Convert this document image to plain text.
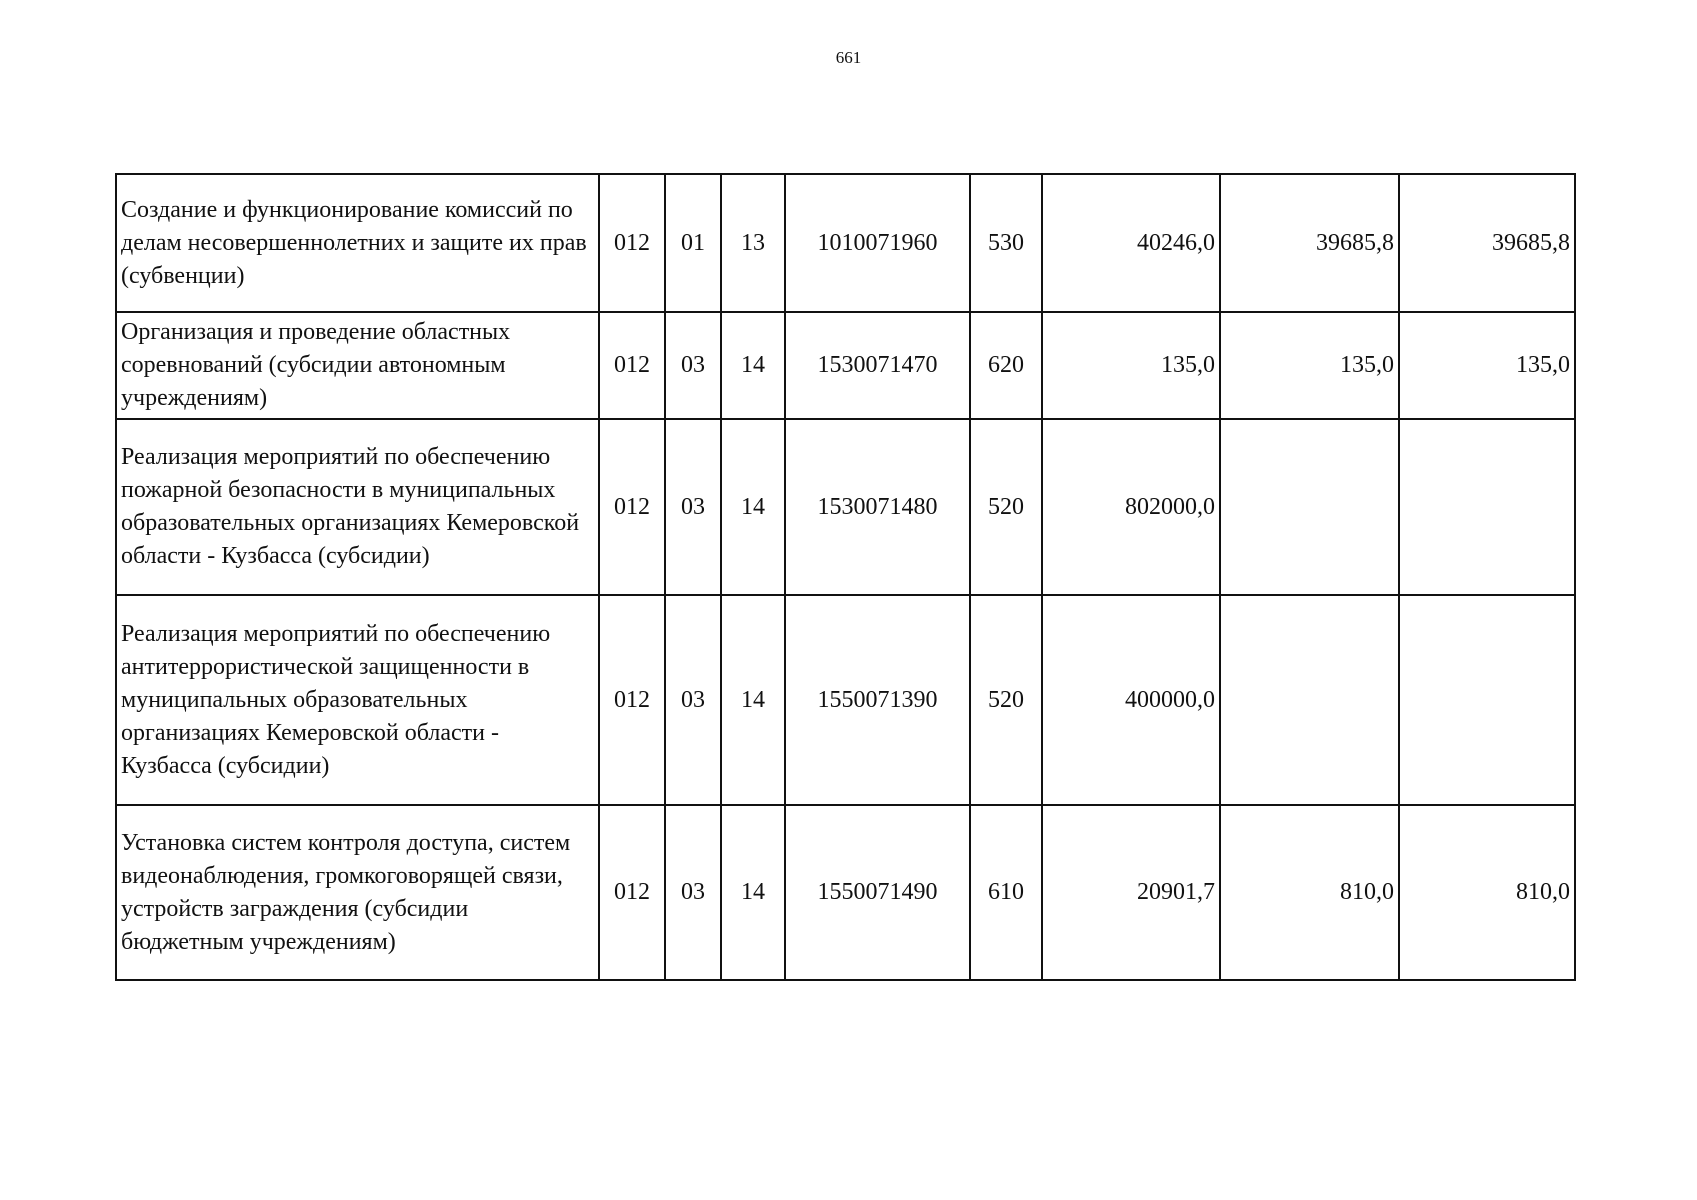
661
Создание и функционирование комиссий по делам несовершеннолетних и защите их прав (субвенции)	012	01	13	1010071960	530	40246,0	39685,8	39685,8
Организация и проведение областных соревнований (субсидии автономным учреждениям)	012	03	14	1530071470	620	135,0	135,0	135,0
Реализация мероприятий по обеспечению пожарной безопасности в муниципальных образовательных организациях Кемеровской области - Кузбасса (субсидии)	012	03	14	1530071480	520	802000,0		
Реализация мероприятий по обеспечению антитеррористической защищенности в муниципальных образовательных организациях Кемеровской области - Кузбасса (субсидии)	012	03	14	1550071390	520	400000,0		
Установка систем контроля доступа, систем видеонаблюдения, громкоговорящей связи, устройств заграждения (субсидии бюджетным учреждениям)	012	03	14	1550071490	610	20901,7	810,0	810,0
